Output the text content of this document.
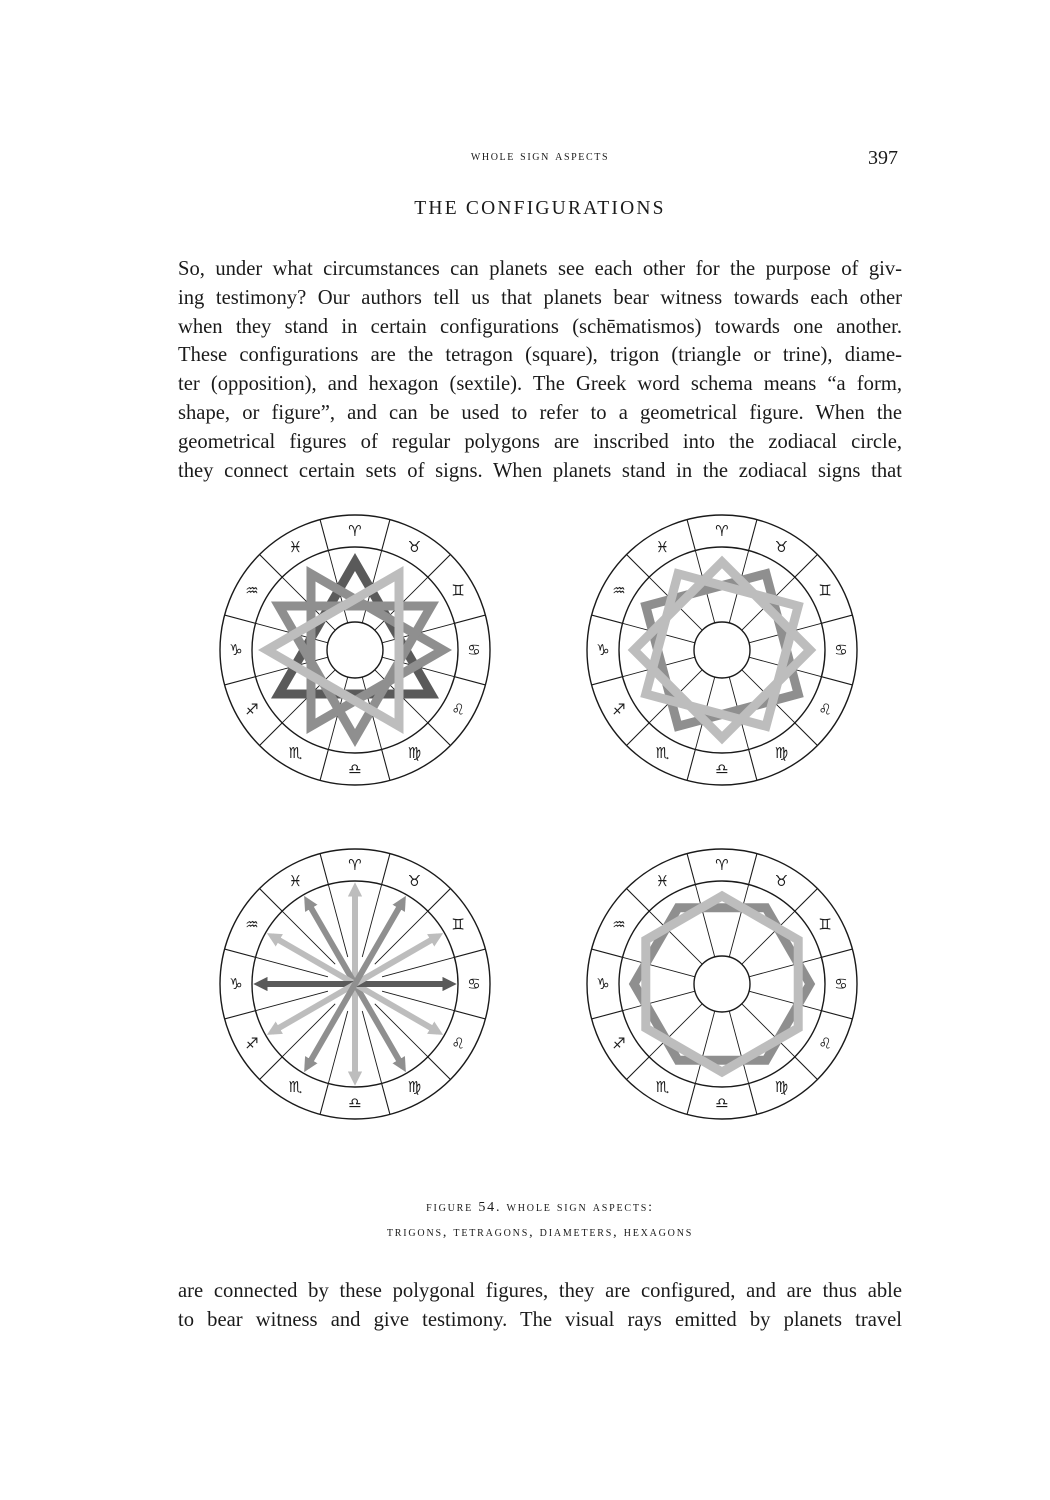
whole sign aspects	397
THE CONFIGURATIONS

So, under what circumstances can planets see each other for the purpose of giv-
ing testimony? Our authors tell us that planets bear witness towards each other
when they stand in certain configurations (schēmatismos) towards one another.
These configurations are the tetragon (square), trigon (triangle or trine), diame-
ter (opposition), and hexagon (sextile). The Greek word schema means “a form,
shape, or figure”, and can be used to refer to a geometrical figure. When the
geometrical figures of regular polygons are inscribed into the zodiacal circle,
they connect certain sets of signs. When planets stand in the zodiacal signs that

♈
♓
♒
♑
♐
♏
♎
♍
♌
♋
♊
♉
♈
♓
♒
♑
♐
♏
♎
♍
♌
♋
♊
♉
♈
♓
♒
♑
♐
♏
♎
♍
♌
♋
♊
♉
♈
♓
♒
♑
♐
♏
♎
♍
♌
♋
♊
♉
figure 54. whole sign aspects:
trigons, tetragons, diameters, hexagons

are connected by these polygonal figures, they are configured, and are thus able
to bear witness and give testimony. The visual rays emitted by planets travel
